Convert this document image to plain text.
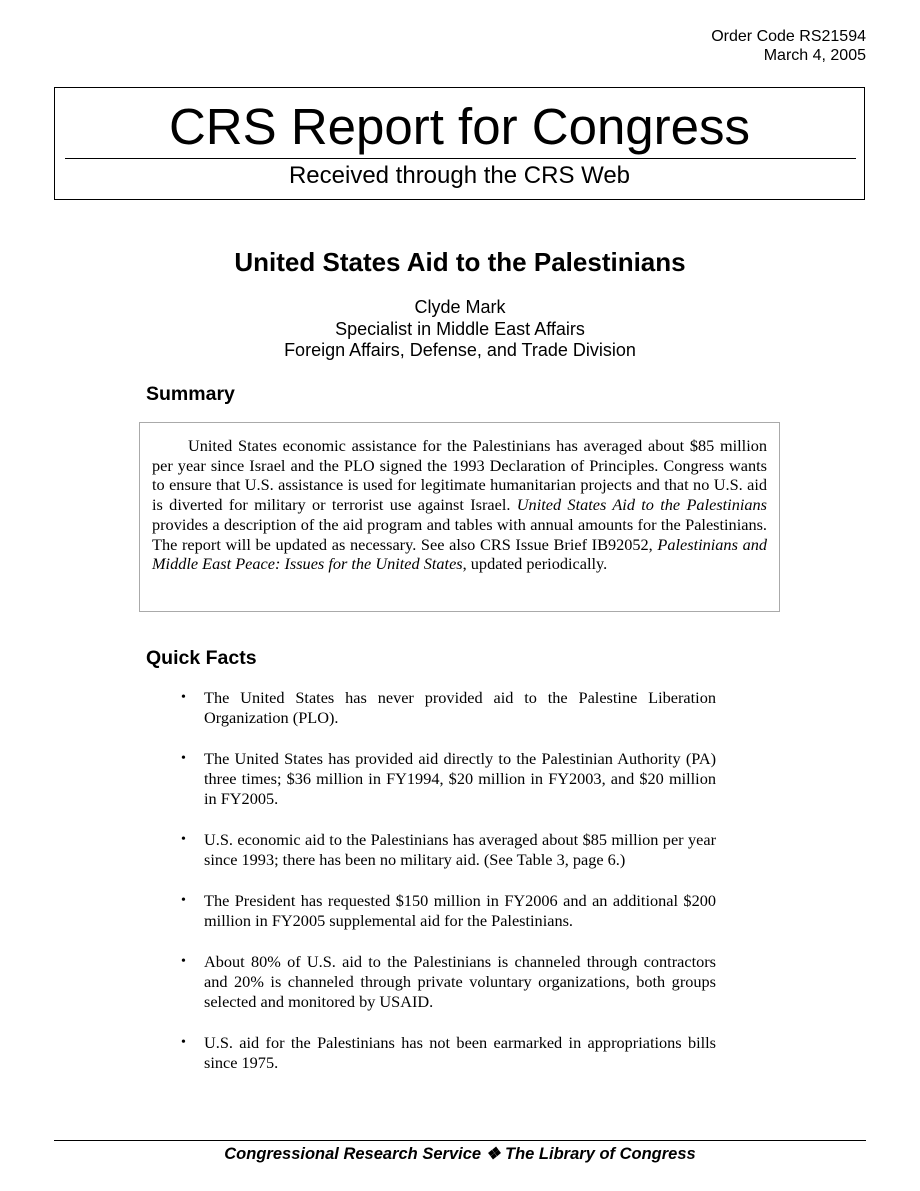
Order Code RS21594
March 4, 2005
CRS Report for Congress
Received through the CRS Web
United States Aid to the Palestinians
Clyde Mark
Specialist in Middle East Affairs
Foreign Affairs, Defense, and Trade Division
Summary

United States economic assistance for the Palestinians has averaged about $85 million per year since Israel and the PLO signed the 1993 Declaration of Principles. Congress wants to ensure that U.S. assistance is used for legitimate humanitarian projects and that no U.S. aid is diverted for military or terrorist use against Israel. United States Aid to the Palestinians provides a description of the aid program and tables with annual amounts for the Palestinians. The report will be updated as necessary. See also CRS Issue Brief IB92052, Palestinians and Middle East Peace: Issues for the United States, updated periodically.

Quick Facts
• The United States has never provided aid to the Palestine Liberation Organization (PLO).
• The United States has provided aid directly to the Palestinian Authority (PA) three times; $36 million in FY1994, $20 million in FY2003, and $20 million in FY2005.
• U.S. economic aid to the Palestinians has averaged about $85 million per year since 1993; there has been no military aid. (See Table 3, page 6.)
• The President has requested $150 million in FY2006 and an additional $200 million in FY2005 supplemental aid for the Palestinians.
• About 80% of U.S. aid to the Palestinians is channeled through contractors and 20% is channeled through private voluntary organizations, both groups selected and monitored by USAID.
• U.S. aid for the Palestinians has not been earmarked in appropriations bills since 1975.
Congressional Research Service ❖ The Library of Congress
